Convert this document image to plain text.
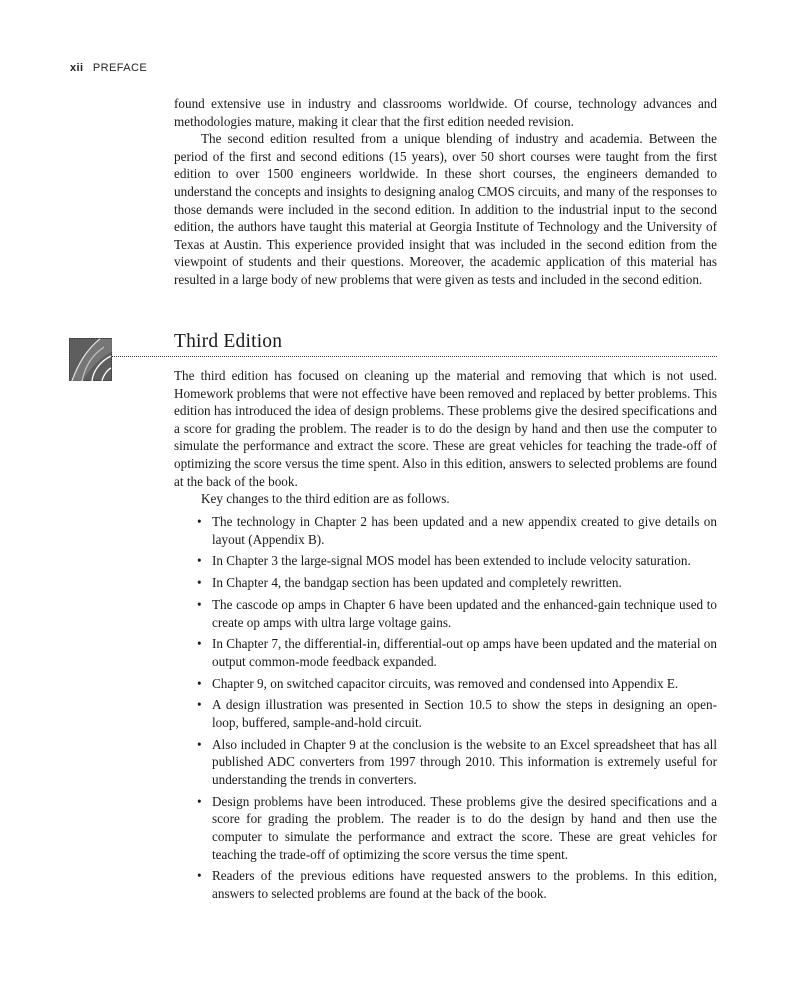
xii PREFACE

found extensive use in industry and classrooms worldwide. Of course, technology advances and methodologies mature, making it clear that the first edition needed revision.

The second edition resulted from a unique blending of industry and academia. Between the period of the first and second editions (15 years), over 50 short courses were taught from the first edition to over 1500 engineers worldwide. In these short courses, the engineers demanded to understand the concepts and insights to designing analog CMOS circuits, and many of the responses to those demands were included in the second edition. In addition to the industrial input to the second edition, the authors have taught this material at Georgia Institute of Technology and the University of Texas at Austin. This experience provided insight that was included in the second edition from the viewpoint of students and their questions. Moreover, the academic application of this material has resulted in a large body of new problems that were given as tests and included in the second edition.

Third Edition

The third edition has focused on cleaning up the material and removing that which is not used. Homework problems that were not effective have been removed and replaced by better problems. This edition has introduced the idea of design problems. These problems give the desired specifications and a score for grading the problem. The reader is to do the design by hand and then use the computer to simulate the performance and extract the score. These are great vehicles for teaching the trade-off of optimizing the score versus the time spent. Also in this edition, answers to selected problems are found at the back of the book.

Key changes to the third edition are as follows.

• The technology in Chapter 2 has been updated and a new appendix created to give details on layout (Appendix B).
• In Chapter 3 the large-signal MOS model has been extended to include velocity saturation.
• In Chapter 4, the bandgap section has been updated and completely rewritten.
• The cascode op amps in Chapter 6 have been updated and the enhanced-gain technique used to create op amps with ultra large voltage gains.
• In Chapter 7, the differential-in, differential-out op amps have been updated and the material on output common-mode feedback expanded.
• Chapter 9, on switched capacitor circuits, was removed and condensed into Appendix E.
• A design illustration was presented in Section 10.5 to show the steps in designing an open-loop, buffered, sample-and-hold circuit.
• Also included in Chapter 9 at the conclusion is the website to an Excel spreadsheet that has all published ADC converters from 1997 through 2010. This information is extremely useful for understanding the trends in converters.
• Design problems have been introduced. These problems give the desired specifications and a score for grading the problem. The reader is to do the design by hand and then use the computer to simulate the performance and extract the score. These are great vehicles for teaching the trade-off of optimizing the score versus the time spent.
• Readers of the previous editions have requested answers to the problems. In this edition, answers to selected problems are found at the back of the book.
